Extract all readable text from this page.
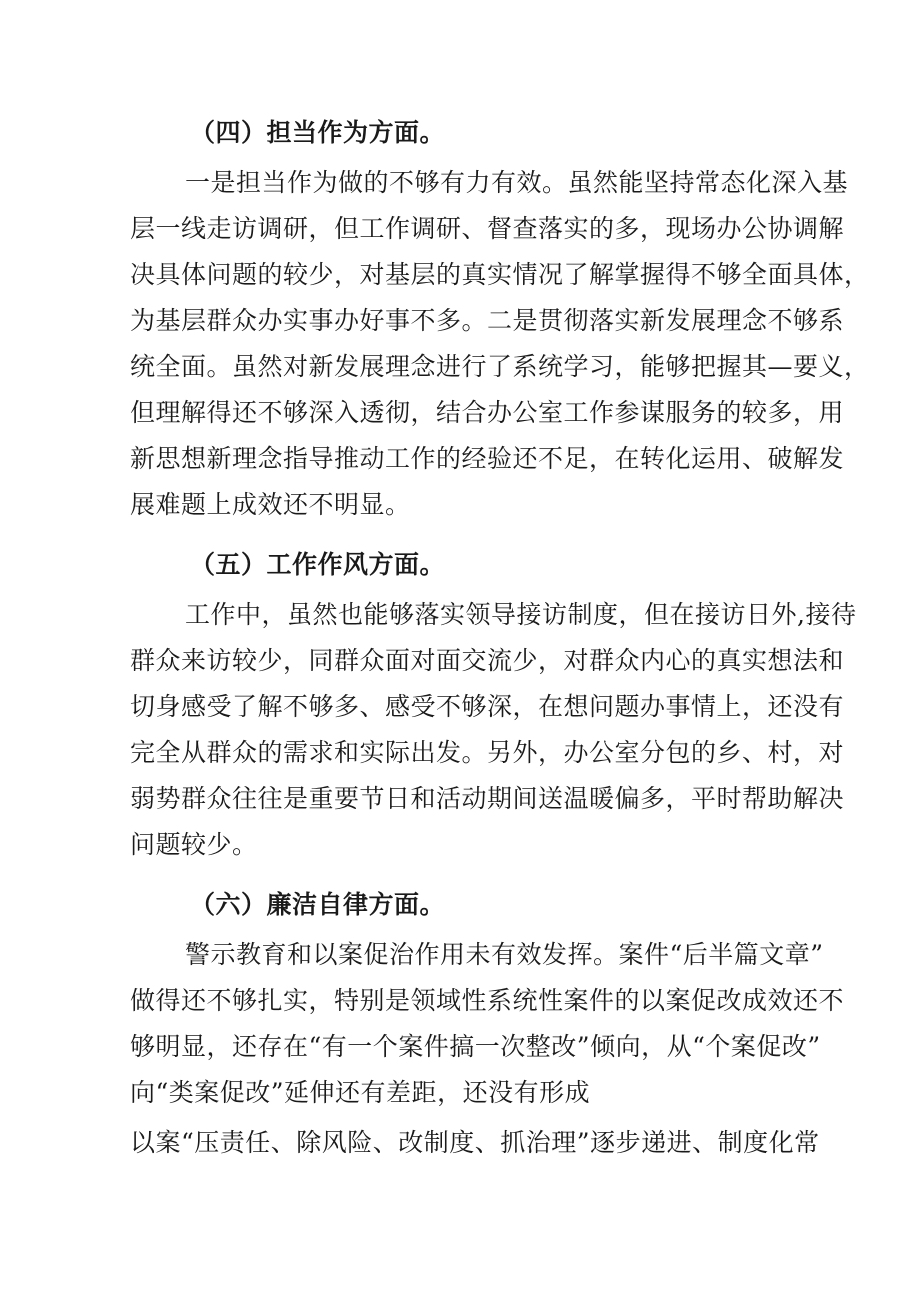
（四）担当作为方面。
一是担当作为做的不够有力有效。虽然能坚持常态化深入基
层一线走访调研，但工作调研、督查落实的多，现场办公协调解
决具体问题的较少，对基层的真实情况了解掌握得不够全面具体，
为基层群众办实事办好事不多。二是贯彻落实新发展理念不够系
统全面。虽然对新发展理念进行了系统学习，能够把握其—要义，
但理解得还不够深入透彻，结合办公室工作参谋服务的较多，用
新思想新理念指导推动工作的经验还不足，在转化运用、破解发
展难题上成效还不明显。
（五）工作作风方面。
工作中，虽然也能够落实领导接访制度，但在接访日外,接待
群众来访较少，同群众面对面交流少，对群众内心的真实想法和
切身感受了解不够多、感受不够深，在想问题办事情上，还没有
完全从群众的需求和实际出发。另外，办公室分包的乡、村，对
弱势群众往往是重要节日和活动期间送温暖偏多，平时帮助解决
问题较少。
（六）廉洁自律方面。
警示教育和以案促治作用未有效发挥。案件“后半篇文章”
做得还不够扎实，特别是领域性系统性案件的以案促改成效还不
够明显，还存在“有一个案件搞一次整改”倾向，从“个案促改”
向“类案促改”延伸还有差距，还没有形成
以案“压责任、除风险、改制度、抓治理”逐步递进、制度化常
